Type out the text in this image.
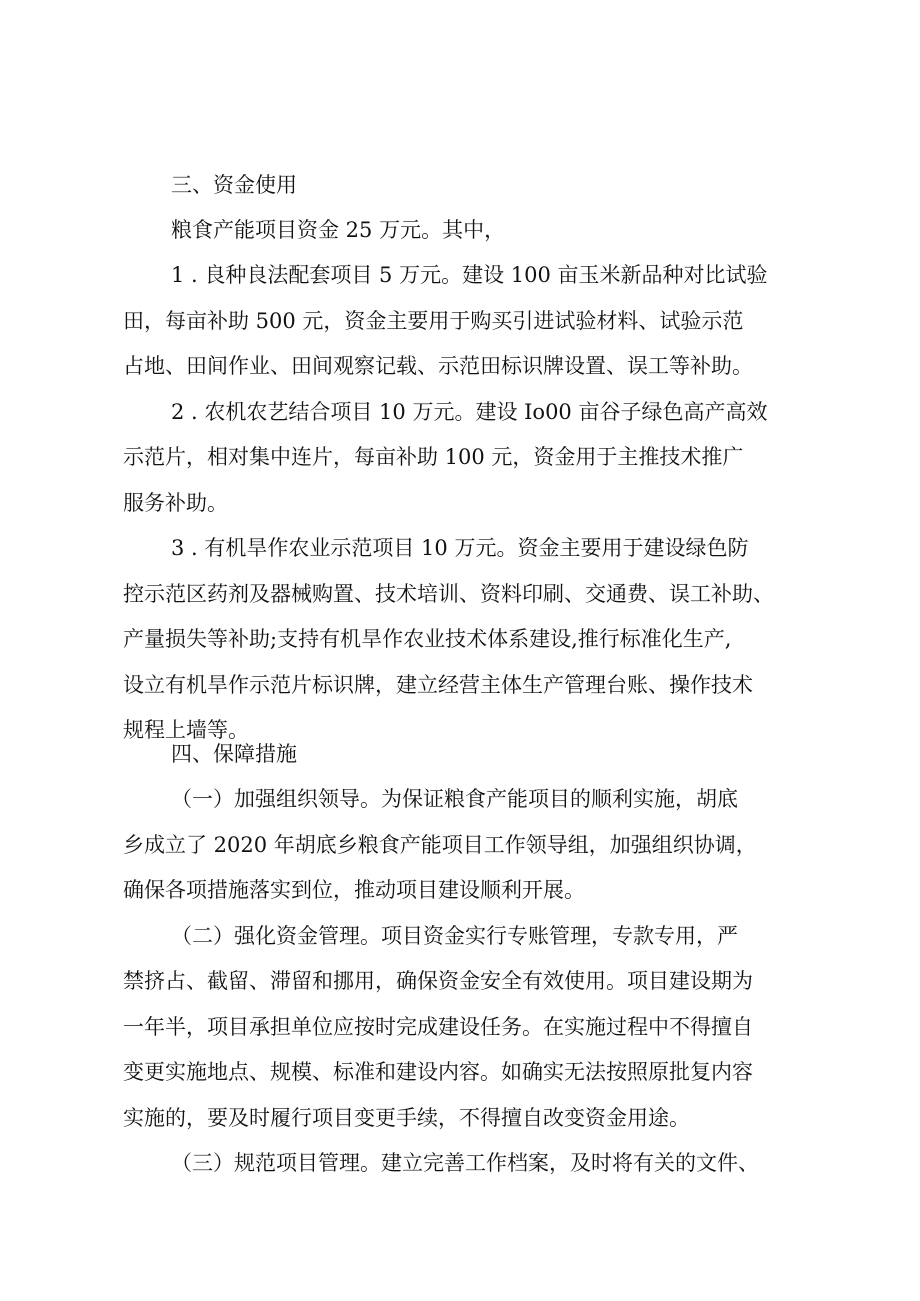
三、资金使用
粮食产能项目资金 25 万元。其中，
1 . 良种良法配套项目 5 万元。建设 100 亩玉米新品种对比试验
田，每亩补助 500 元，资金主要用于购买引进试验材料、试验示范
占地、田间作业、田间观察记载、示范田标识牌设置、误工等补助。
2 . 农机农艺结合项目 10 万元。建设 Io00 亩谷子绿色高产高效
示范片，相对集中连片，每亩补助 100 元，资金用于主推技术推广
服务补助。
3 . 有机旱作农业示范项目 10 万元。资金主要用于建设绿色防
控示范区药剂及器械购置、技术培训、资料印刷、交通费、误工补助、
产量损失等补助;支持有机旱作农业技术体系建设,推行标准化生产,
设立有机旱作示范片标识牌，建立经营主体生产管理台账、操作技术
规程上墙等。
四、保障措施
（一）加强组织领导。为保证粮食产能项目的顺利实施，胡底
乡成立了 2020 年胡底乡粮食产能项目工作领导组，加强组织协调，
确保各项措施落实到位，推动项目建设顺利开展。
（二）强化资金管理。项目资金实行专账管理，专款专用，严
禁挤占、截留、滞留和挪用，确保资金安全有效使用。项目建设期为
一年半，项目承担单位应按时完成建设任务。在实施过程中不得擅自
变更实施地点、规模、标准和建设内容。如确实无法按照原批复内容
实施的，要及时履行项目变更手续，不得擅自改变资金用途。
（三）规范项目管理。建立完善工作档案，及时将有关的文件、
